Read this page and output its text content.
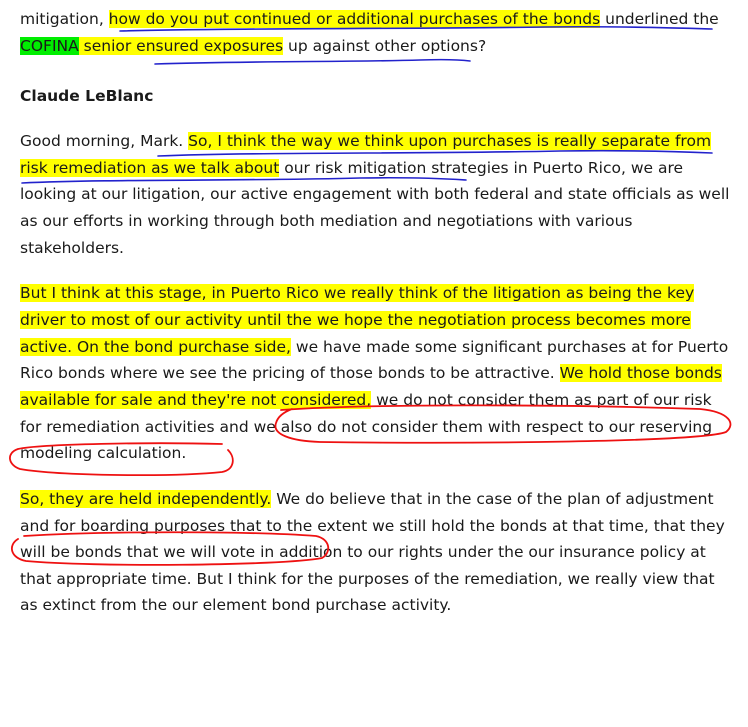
mitigation, how do you put continued or additional purchases of the bonds underlined the COFINA senior ensured exposures up against other options?

Claude LeBlanc

Good morning, Mark. So, I think the way we think upon purchases is really separate from risk remediation as we talk about our risk mitigation strategies in Puerto Rico, we are looking at our litigation, our active engagement with both federal and state officials as well as our efforts in working through both mediation and negotiations with various stakeholders.

But I think at this stage, in Puerto Rico we really think of the litigation as being the key driver to most of our activity until the we hope the negotiation process becomes more active. On the bond purchase side, we have made some significant purchases at for Puerto Rico bonds where we see the pricing of those bonds to be attractive. We hold those bonds available for sale and they're not considered, we do not consider them as part of our risk for remediation activities and we also do not consider them with respect to our reserving modeling calculation.

So, they are held independently. We do believe that in the case of the plan of adjustment and for boarding purposes that to the extent we still hold the bonds at that time, that they will be bonds that we will vote in addition to our rights under the our insurance policy at that appropriate time. But I think for the purposes of the remediation, we really view that as extinct from the our element bond purchase activity.
